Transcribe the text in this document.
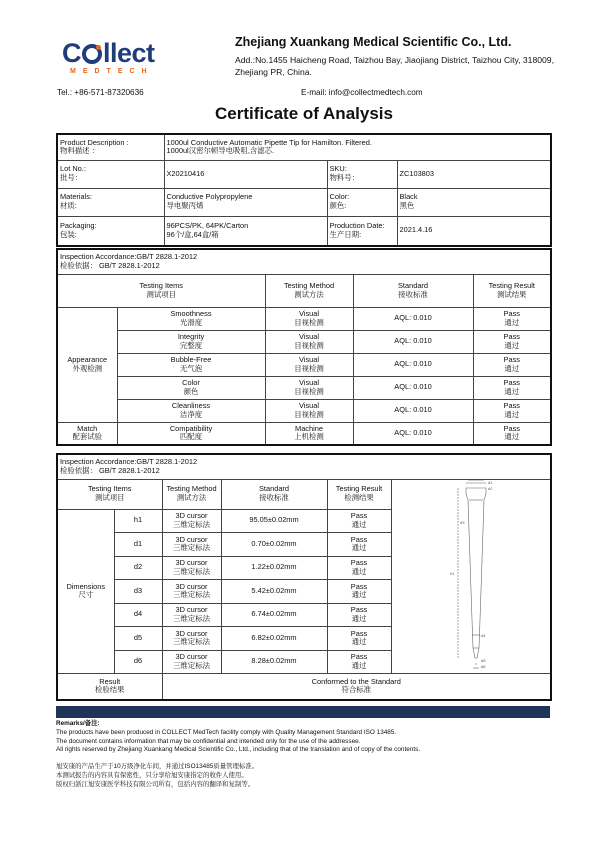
C llect
MEDTECH
Zhejiang Xuankang Medical Scientific Co., Ltd.
Add.:No.1455 Haicheng Road, Taizhou Bay, Jiaojiang District, Taizhou City, 318009, Zhejiang PR, China.
Tel.: +86-571-87320636	E-mail: info@collectmedtech.com
Certificate of Analysis
Product Description :
物料描述 ：	1000ul Conductive Automatic Pipette Tip for Hamilton. Filtered.
1000ul汉密尔顿导电吸咀,含滤芯.		

Lot No.:
批号：	X20210416	SKU:
物料号：	ZC103803

Materials:
材质:	Conductive Polypropylene
导电聚丙烯	Color:
颜色:	Black
黑色

Packaging:
包装:	96PCS/PK, 64PK/Carton
96个/盒,64盒/箱	Production Date:
生产日期:	2021.4.16
Inspection Accordance:GB/T 2828.1-2012
检验依据： GB/T 2828.1-2012				

Testing Items
测试项目		Testing Method
测试方法	Standard
接收标准	Testing Result
测试结果

Appearance
外观检测	Smoothness
光滑度	Visual
目视检测	AQL: 0.010	Pass
通过

	Integrity
完整度	Visual
目视检测	AQL: 0.010	Pass
通过

	Bubble-Free
无气泡	Visual
目视检测	AQL: 0.010	Pass
通过

	Color
颜色	Visual
目视检测	AQL: 0.010	Pass
通过

	Cleanliness
洁净度	Visual
目视检测	AQL: 0.010	Pass
通过

Match
配套试验	Compatibility
匹配度	Machine
上机检测	AQL: 0.010	Pass
通过
Inspection Accordance:GB/T 2828.1-2012
检验依据： GB/T 2828.1-2012					

Testing Items
测试项目		Testing Method
测试方法	Standard
接收标准	Testing Result
检测结果	

Dimensions
尺寸	h1	3D cursor
三维定标法	95.05±0.02mm	Pass
通过	

	d1	3D cursor
三维定标法	0.70±0.02mm	Pass
通过	

	d2	3D cursor
三维定标法	1.22±0.02mm	Pass
通过	

	d3	3D cursor
三维定标法	5.42±0.02mm	Pass
通过	

	d4	3D cursor
三维定标法	6.74±0.02mm	Pass
通过	

	d5	3D cursor
三维定标法	6.82±0.02mm	Pass
通过	

	d6	3D cursor
三维定标法	8.28±0.02mm	Pass
通过	

Result
检验结果		Conformed to the Standard
符合标准			
d1
d2
d3
h1
d4
d5
d6
Remarks/备注:
The products have been produced in COLLECT MedTech facility comply with Quality Management Standard ISO 13485.
The document contains information that may be confidential and intended only for the use of the addressee.
All rights reserved by Zhejiang Xuankang Medical Scientific Co., Ltd., including that of the translation and of copy of the contents.
旭安康的产品生产于10万级净化车间，并通过ISO13485质量管理标准。
本测试报告的内容具有保密性，只分享给旭安康指定的收件人使用。
版权归浙江旭安康医学科技有限公司所有，包括内容的翻译和复制等。
